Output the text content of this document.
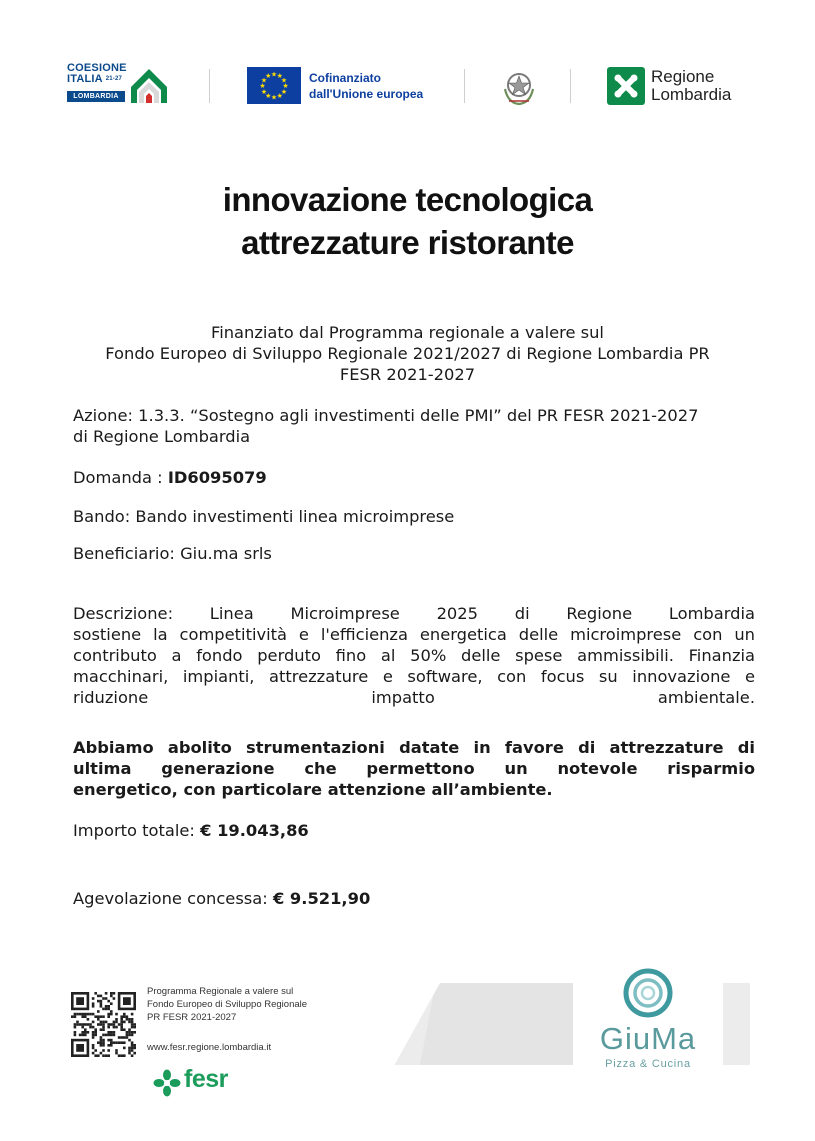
COESIONE
ITALIA $^{21-27}$
LOMBARDIA
★ ★
★
★
★
★
★
★
★
★
★
★	Cofinanziato
dall'Unione europea
Regione
Lombardia
innovazione tecnologica
attrezzature ristorante
Finanziato dal Programma regionale a valere sul
Fondo Europeo di Sviluppo Regionale 2021/2027 di Regione Lombardia PR
FESR 2021-2027
Azione: 1.3.3. “Sostegno agli investimenti delle PMI” del PR FESR 2021-2027
di Regione Lombardia
Domanda : ID6095079
Bando: Bando investimenti linea microimprese
Beneficiario: Giu.ma srls
Descrizione: Linea Microimprese 2025 di Regione Lombardia
sostiene la competitività e l'efficienza energetica delle microimprese con un
contributo a fondo perduto fino al 50% delle spese ammissibili. Finanzia
macchinari, impianti, attrezzature e software, con focus su innovazione e
riduzione impatto ambientale.
Abbiamo abolito strumentazioni datate in favore di attrezzature di
ultima generazione che permettono un notevole risparmio
energetico, con particolare attenzione all’ambiente.
Importo totale: € 19.043,86
Agevolazione concessa: € 9.521,90
Programma Regionale a valere sul
Fondo Europeo di Sviluppo Regionale
PR FESR 2021-2027
www.fesr.regione.lombardia.it
fesr
GiuMa
Pizza & Cucina
